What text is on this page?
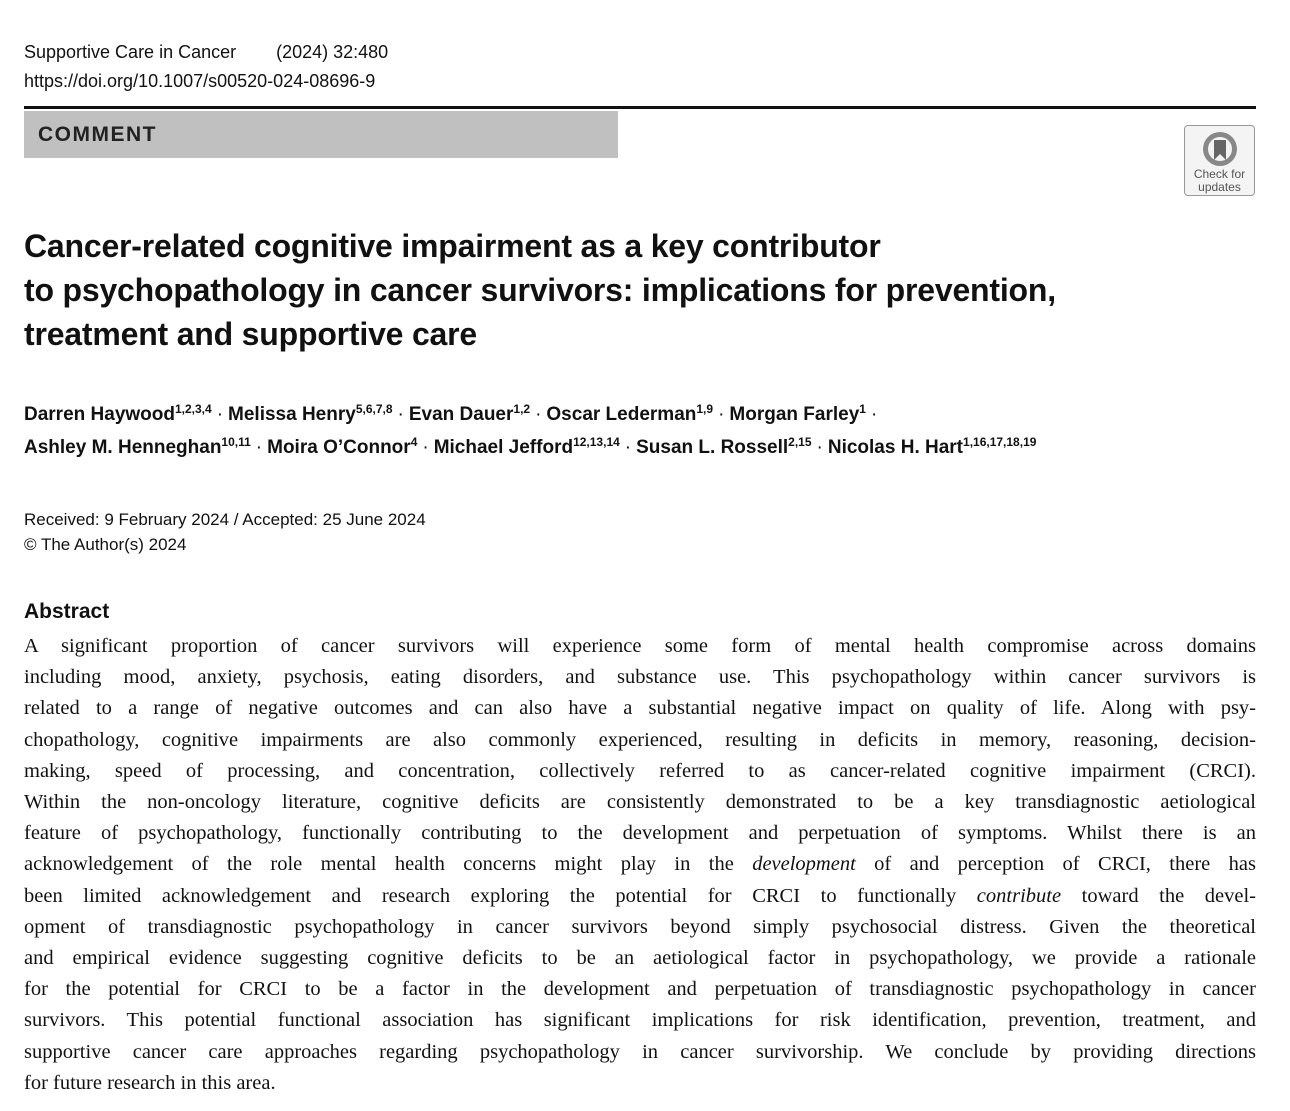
Supportive Care in Cancer (2024) 32:480
https://doi.org/10.1007/s00520-024-08696-9
COMMENT
Check for
updates
Cancer-related cognitive impairment as a key contributor
to psychopathology in cancer survivors: implications for prevention,
treatment and supportive care
Darren Haywood$^{1,2,3,4}$ · Melissa Henry$^{5,6,7,8}$ · Evan Dauer$^{1,2}$ · Oscar Lederman$^{1,9}$ · Morgan Farley$^1$ ·
Ashley M. Henneghan$^{10,11}$ · Moira O’Connor$^4$ · Michael Jefford$^{12,13,14}$ · Susan L. Rossell$^{2,15}$ · Nicolas H. Hart$^{1,16,17,18,19}$
Received: 9 February 2024 / Accepted: 25 June 2024
© The Author(s) 2024
Abstract
A significant proportion of cancer survivors will experience some form of mental health compromise across domains
including mood, anxiety, psychosis, eating disorders, and substance use. This psychopathology within cancer survivors is
related to a range of negative outcomes and can also have a substantial negative impact on quality of life. Along with psy-
chopathology, cognitive impairments are also commonly experienced, resulting in deficits in memory, reasoning, decision-
making, speed of processing, and concentration, collectively referred to as cancer-related cognitive impairment (CRCI).
Within the non-oncology literature, cognitive deficits are consistently demonstrated to be a key transdiagnostic aetiological
feature of psychopathology, functionally contributing to the development and perpetuation of symptoms. Whilst there is an
acknowledgement of the role mental health concerns might play in the development of and perception of CRCI, there has
been limited acknowledgement and research exploring the potential for CRCI to functionally contribute toward the devel-
opment of transdiagnostic psychopathology in cancer survivors beyond simply psychosocial distress. Given the theoretical
and empirical evidence suggesting cognitive deficits to be an aetiological factor in psychopathology, we provide a rationale
for the potential for CRCI to be a factor in the development and perpetuation of transdiagnostic psychopathology in cancer
survivors. This potential functional association has significant implications for risk identification, prevention, treatment, and
supportive cancer care approaches regarding psychopathology in cancer survivorship. We conclude by providing directions
for future research in this area.
